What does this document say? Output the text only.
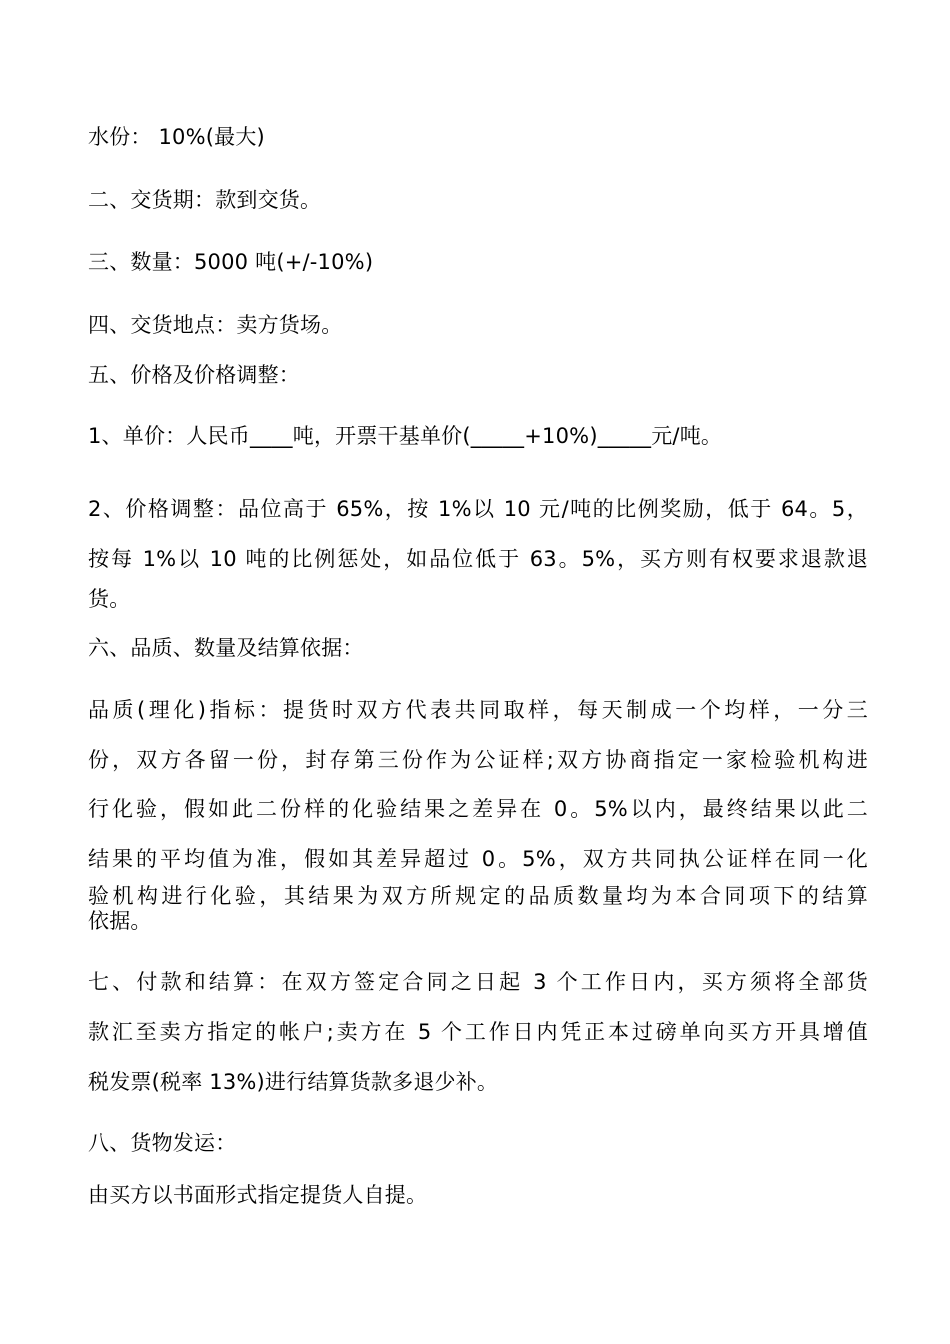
水份： 10%(最大)
二、交货期：款到交货。
三、数量：5000 吨(+/-10%)
四、交货地点：卖方货场。
五、价格及价格调整：
1、单价：人民币____吨，开票干基单价(_____+10%)_____元/吨。
2、价格调整：品位高于 65%，按 1%以 10 元/吨的比例奖励，低于 64。5，
按每 1%以 10 吨的比例惩处，如品位低于 63。5%，买方则有权要求退款退
货。
六、品质、数量及结算依据：
品质(理化)指标：提货时双方代表共同取样，每天制成一个均样，一分三
份，双方各留一份，封存第三份作为公证样;双方协商指定一家检验机构进
行化验，假如此二份样的化验结果之差异在 0。5%以内，最终结果以此二
结果的平均值为准，假如其差异超过 0。5%，双方共同执公证样在同一化
验机构进行化验，其结果为双方所规定的品质数量均为本合同项下的结算
依据。
七、付款和结算：在双方签定合同之日起 3 个工作日内，买方须将全部货
款汇至卖方指定的帐户;卖方在 5 个工作日内凭正本过磅单向买方开具增值
税发票(税率 13%)进行结算货款多退少补。
八、货物发运：
由买方以书面形式指定提货人自提。
